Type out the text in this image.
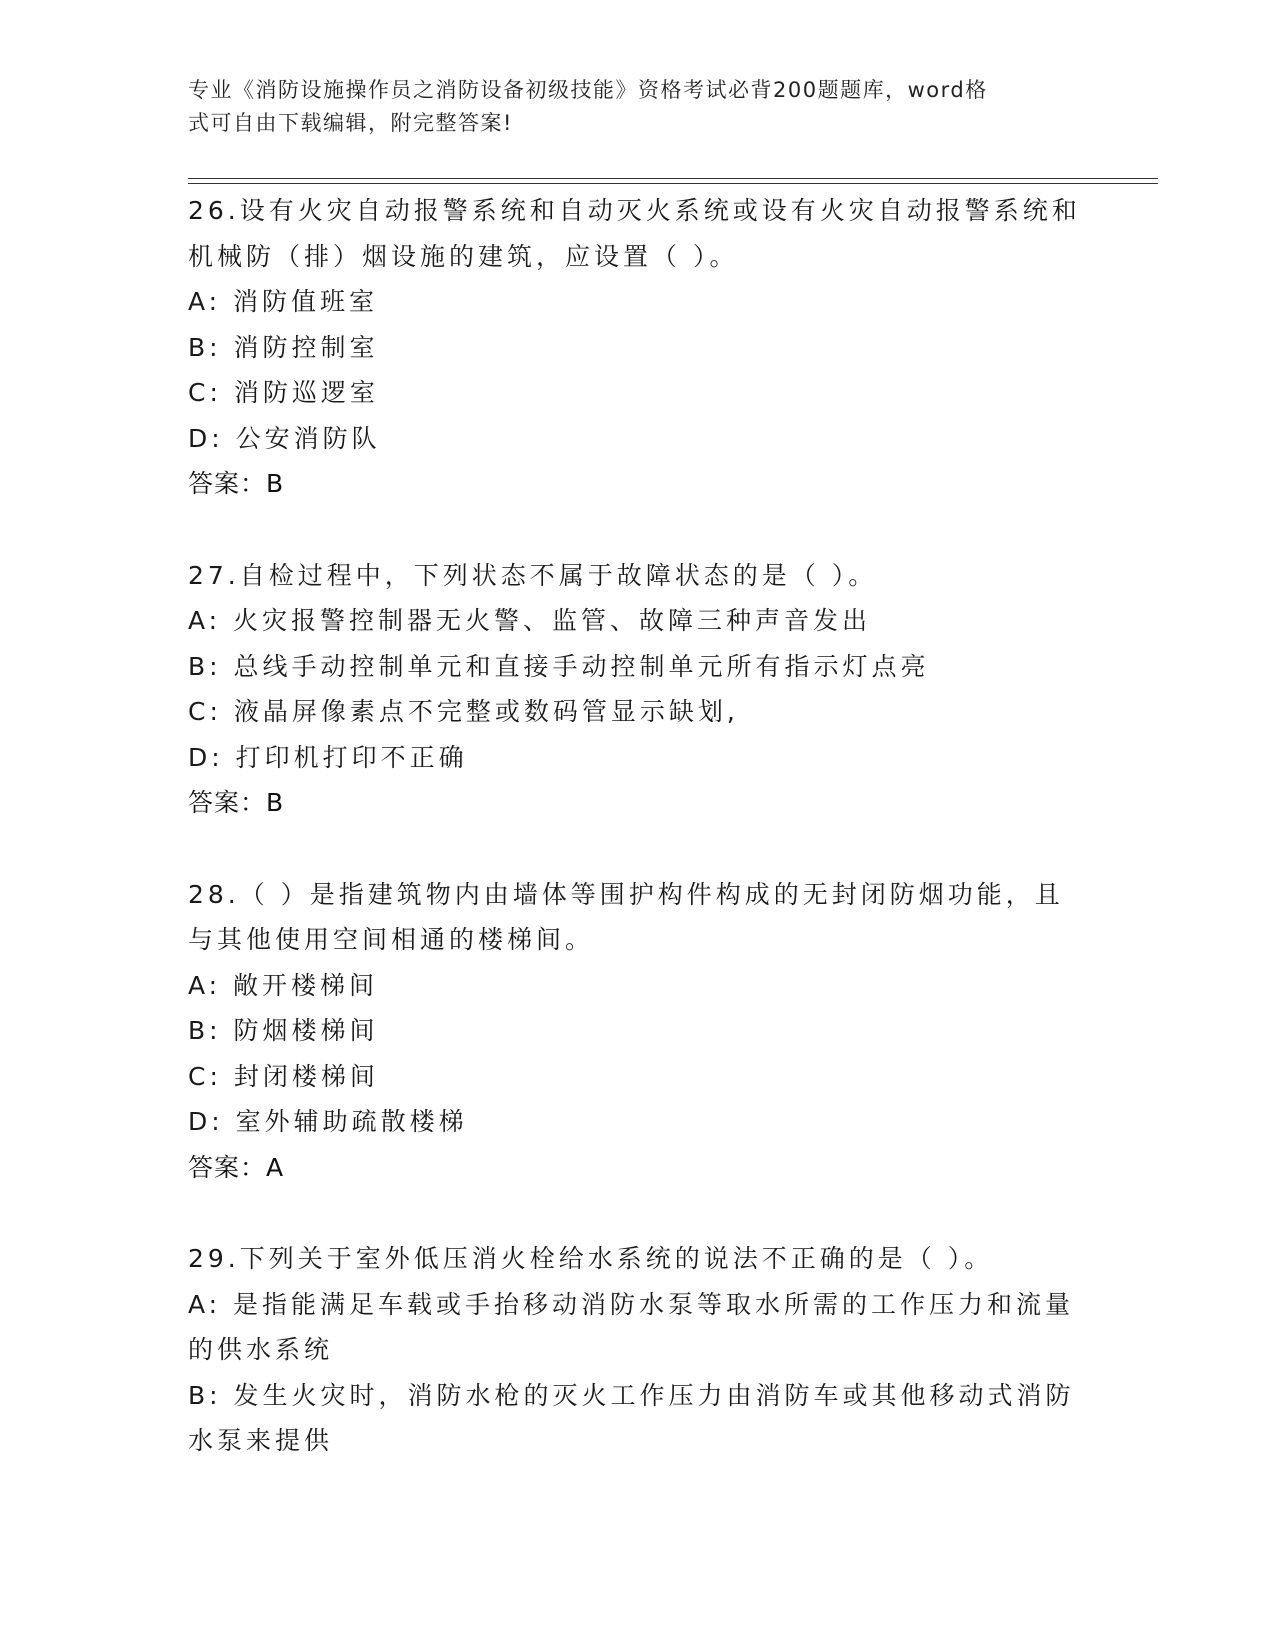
专业《消防设施操作员之消防设备初级技能》资格考试必背200题题库，word格
式可自由下载编辑，附完整答案!
26.设有火灾自动报警系统和自动灭火系统或设有火灾自动报警系统和
机械防（排）烟设施的建筑，应设置（ ）。
A: 消防值班室
B: 消防控制室
C: 消防巡逻室
D: 公安消防队
答案：B
27.自检过程中，下列状态不属于故障状态的是（ ）。
A: 火灾报警控制器无火警、监管、故障三种声音发出
B: 总线手动控制单元和直接手动控制单元所有指示灯点亮
C: 液晶屏像素点不完整或数码管显示缺划,
D: 打印机打印不正确
答案：B
28.（ ）是指建筑物内由墙体等围护构件构成的无封闭防烟功能，且
与其他使用空间相通的楼梯间。
A: 敞开楼梯间
B: 防烟楼梯间
C: 封闭楼梯间
D: 室外辅助疏散楼梯
答案：A
29.下列关于室外低压消火栓给水系统的说法不正确的是（ ）。
A: 是指能满足车载或手抬移动消防水泵等取水所需的工作压力和流量
的供水系统
B: 发生火灾时，消防水枪的灭火工作压力由消防车或其他移动式消防
水泵来提供
